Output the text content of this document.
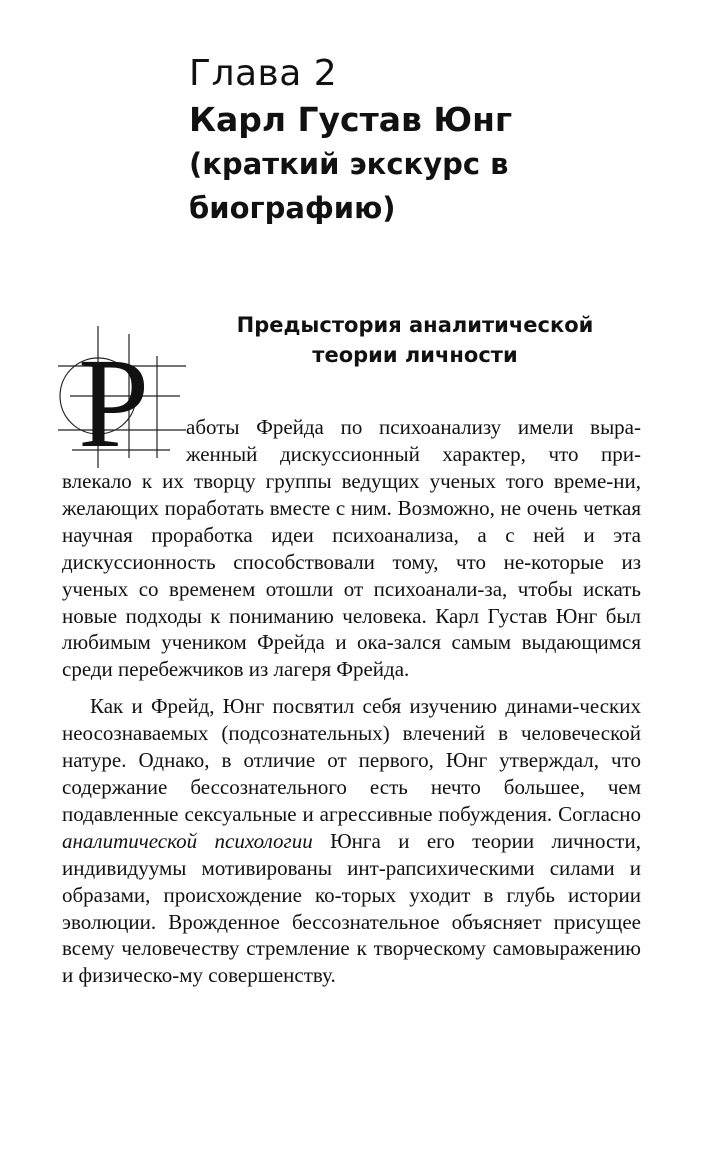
Глава 2
Карл Густав Юнг
(краткий экскурс в биографию)
Предыстория аналитической теории личности
Р аботы Фрейда по психоанализу имели выра-
женный дискуссионный характер, что при-

влекало к их творцу группы ведущих ученых того време-ни, желающих поработать вместе с ним. Возможно, не очень четкая научная проработка идеи психоанализа, а с ней и эта дискуссионность способствовали тому, что не-которые из ученых со временем отошли от психоанали-за, чтобы искать новые подходы к пониманию человека. Карл Густав Юнг был любимым учеником Фрейда и ока-зался самым выдающимся среди перебежчиков из лагеря Фрейда.

Как и Фрейд, Юнг посвятил себя изучению динами-ческих неосознаваемых (подсознательных) влечений в человеческой натуре. Однако, в отличие от первого, Юнг утверждал, что содержание бессознательного есть нечто большее, чем подавленные сексуальные и агрессивные побуждения. Согласно аналитической психологии Юнга и его теории личности, индивидуумы мотивированы инт-рапсихическими силами и образами, происхождение ко-торых уходит в глубь истории эволюции. Врожденное бессознательное объясняет присущее всему человечеству стремление к творческому самовыражению и физическо-му совершенству.
